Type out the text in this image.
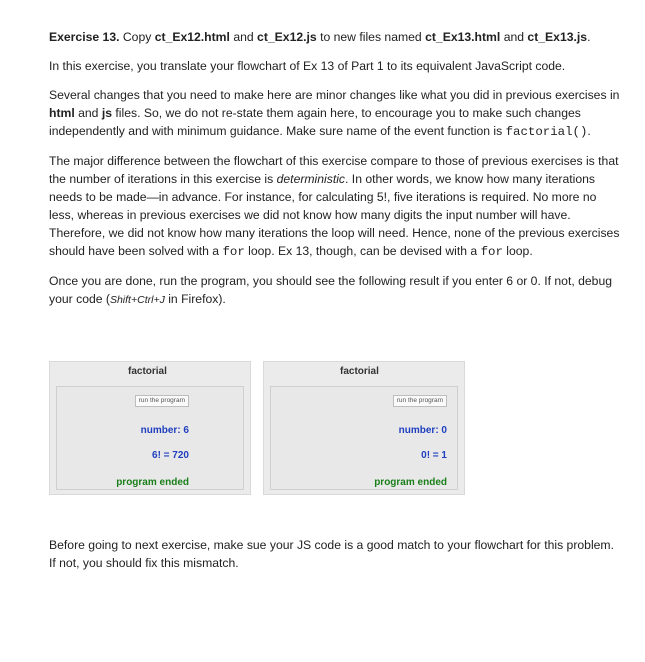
Exercise 13. Copy ct_Ex12.html and ct_Ex12.js to new files named ct_Ex13.html and ct_Ex13.js.

In this exercise, you translate your flowchart of Ex 13 of Part 1 to its equivalent JavaScript code.

Several changes that you need to make here are minor changes like what you did in previous exercises in html and js files. So, we do not re-state them again here, to encourage you to make such changes independently and with minimum guidance. Make sure name of the event function is factorial().

The major difference between the flowchart of this exercise compare to those of previous exercises is that the number of iterations in this exercise is deterministic. In other words, we know how many iterations needs to be made—in advance. For instance, for calculating 5!, five iterations is required. No more no less, whereas in previous exercises we did not know how many digits the input number will have. Therefore, we did not know how many iterations the loop will need. Hence, none of the previous exercises should have been solved with a for loop. Ex 13, though, can be devised with a for loop.

Once you are done, run the program, you should see the following result if you enter 6 or 0. If not, debug your code (Shift+Ctrl+J in Firefox).

factorial
run the program
number: 6
6! = 720
program ended
factorial
run the program
number: 0
0! = 1
program ended

Before going to next exercise, make sue your JS code is a good match to your flowchart for this problem. If not, you should fix this mismatch.
